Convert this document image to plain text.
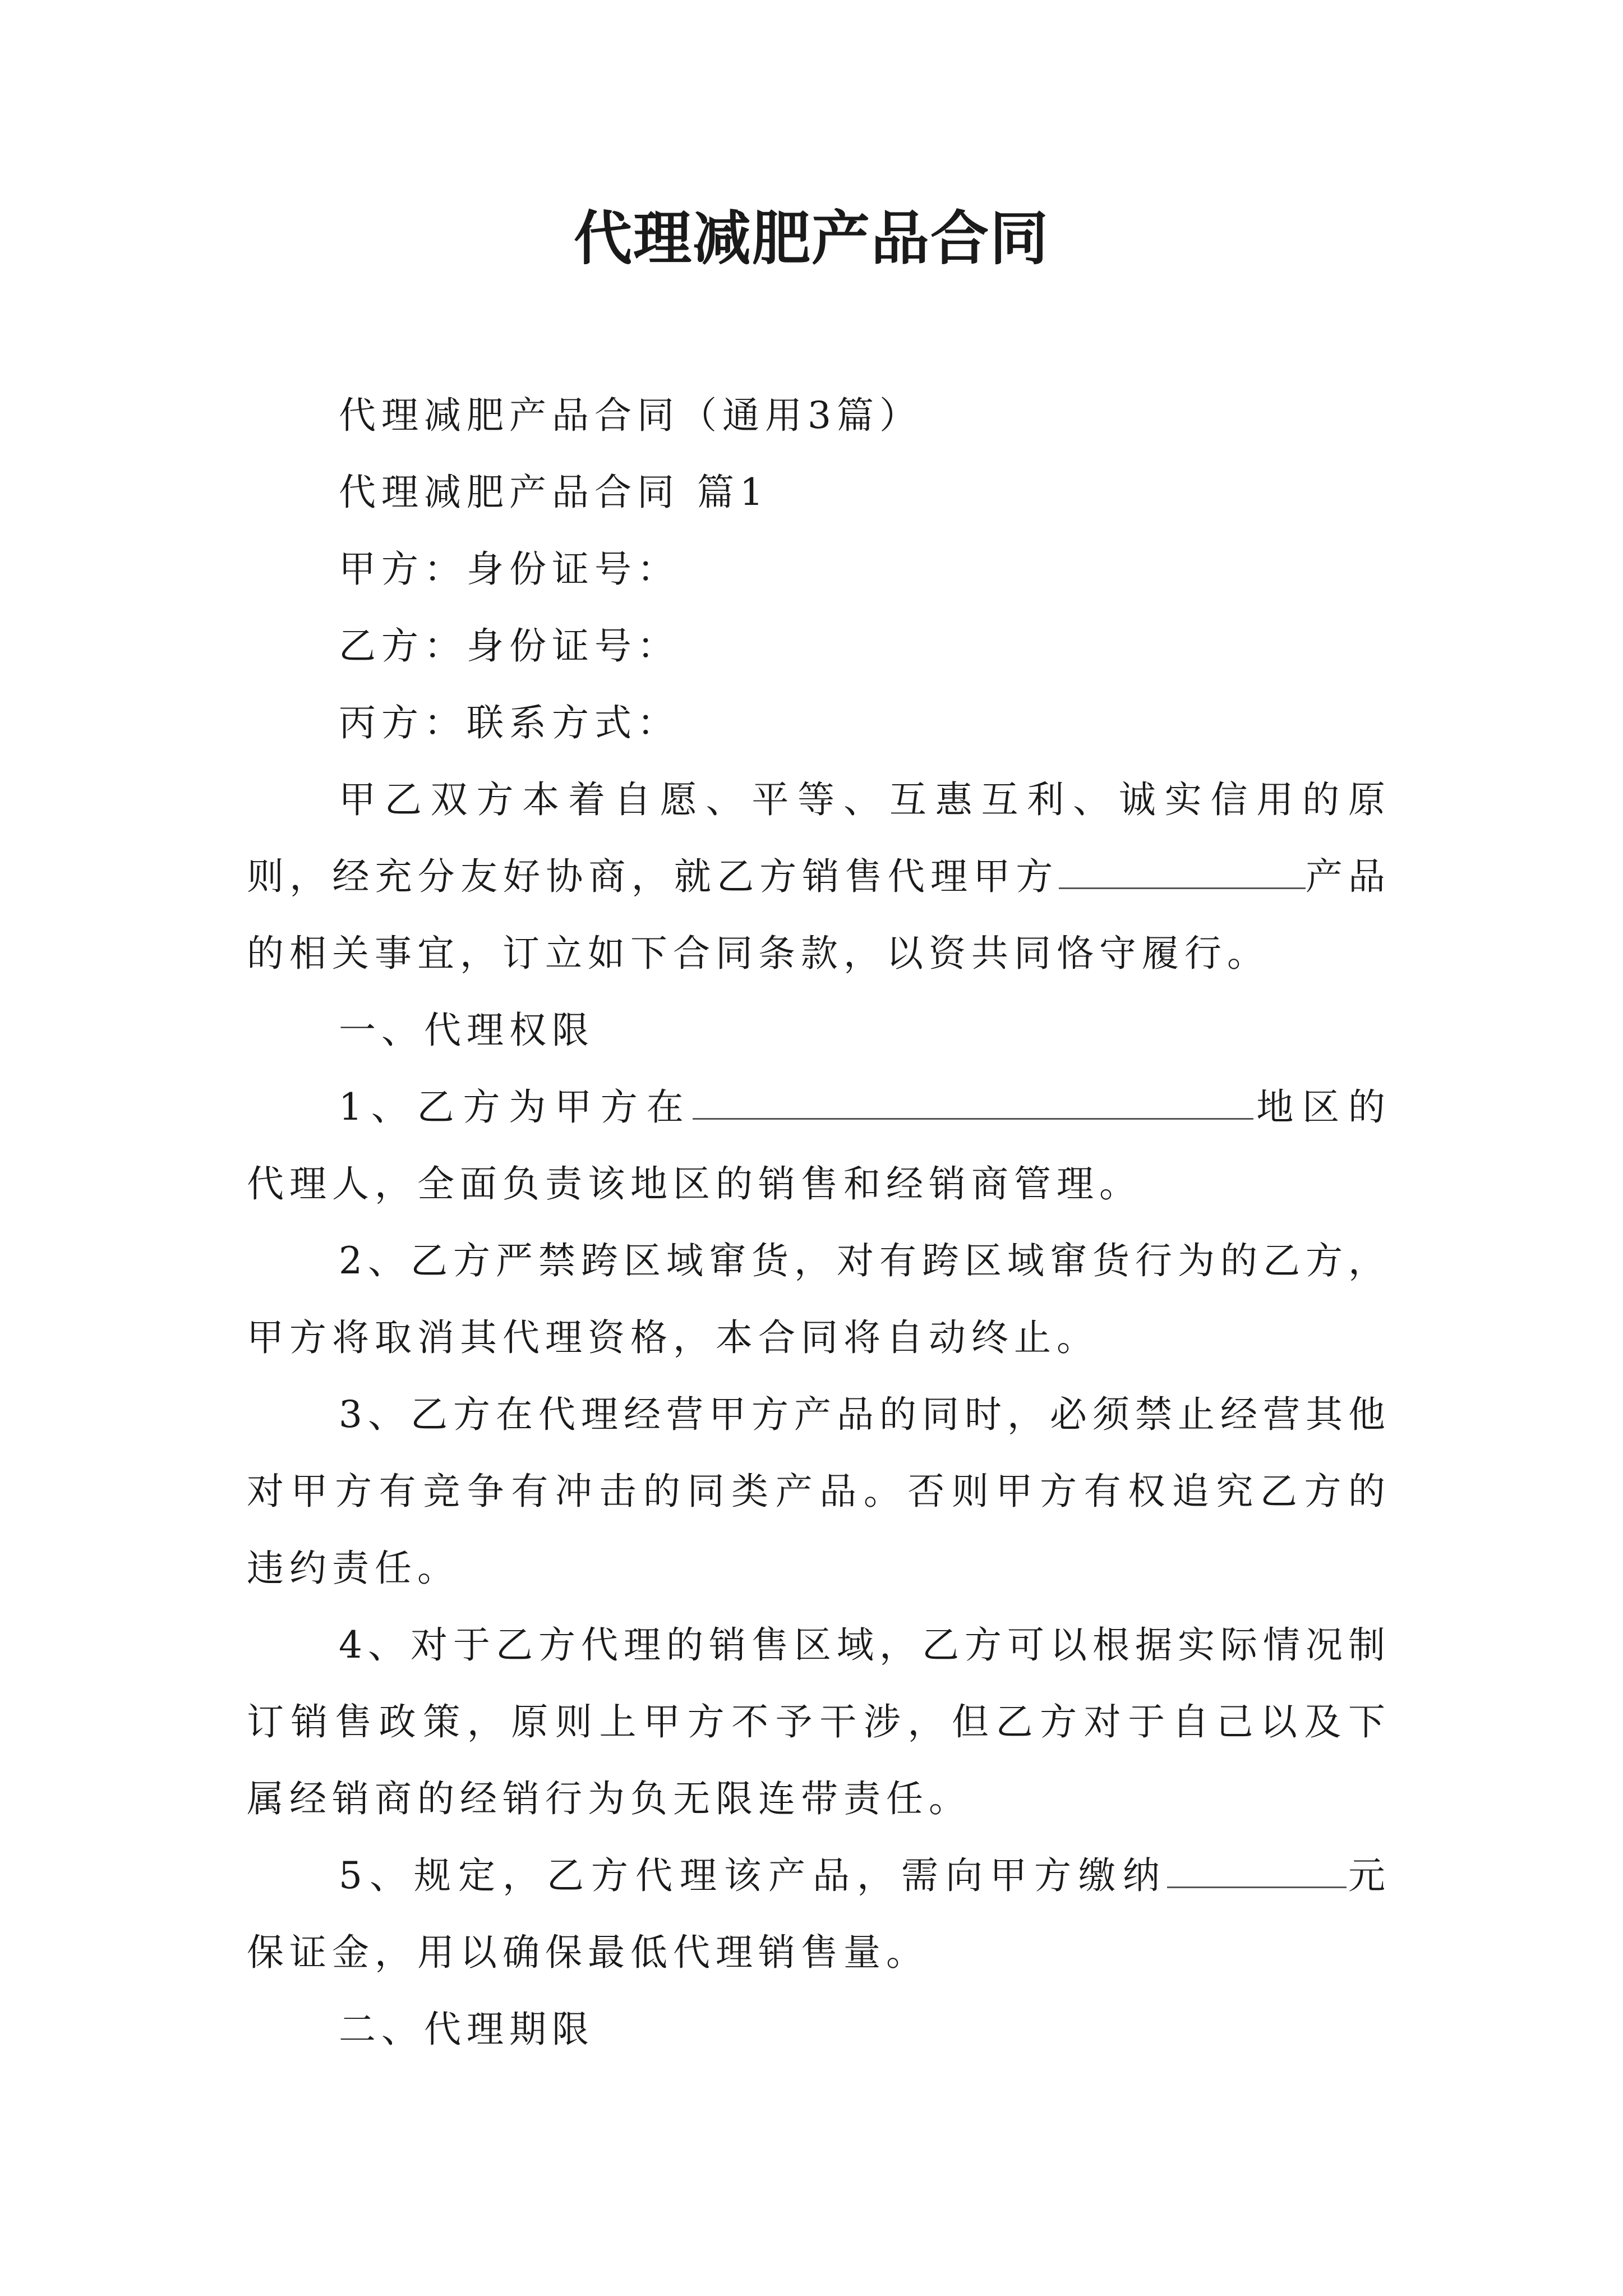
代理减肥产品合同

代理减肥产品合同（通用3篇）

代理减肥产品合同 篇1

甲方：身份证号：

乙方：身份证号：

丙方：联系方式：

甲乙双方本着自愿、平等、互惠互利、诚实信用的原则，经充分友好协商，就乙方销售代理甲方	产品的相关事宜，订立如下合同条款，以资共同恪守履行。

一、代理权限

1、乙方为甲方在	地区的代理人，全面负责该地区的销售和经销商管理。

2、乙方严禁跨区域窜货，对有跨区域窜货行为的乙方，甲方将取消其代理资格，本合同将自动终止。

3、乙方在代理经营甲方产品的同时，必须禁止经营其他对甲方有竞争有冲击的同类产品。否则甲方有权追究乙方的违约责任。

4、对于乙方代理的销售区域，乙方可以根据实际情况制订销售政策，原则上甲方不予干涉，但乙方对于自己以及下属经销商的经销行为负无限连带责任。

5、规定，乙方代理该产品，需向甲方缴纳	元保证金，用以确保最低代理销售量。

二、代理期限
